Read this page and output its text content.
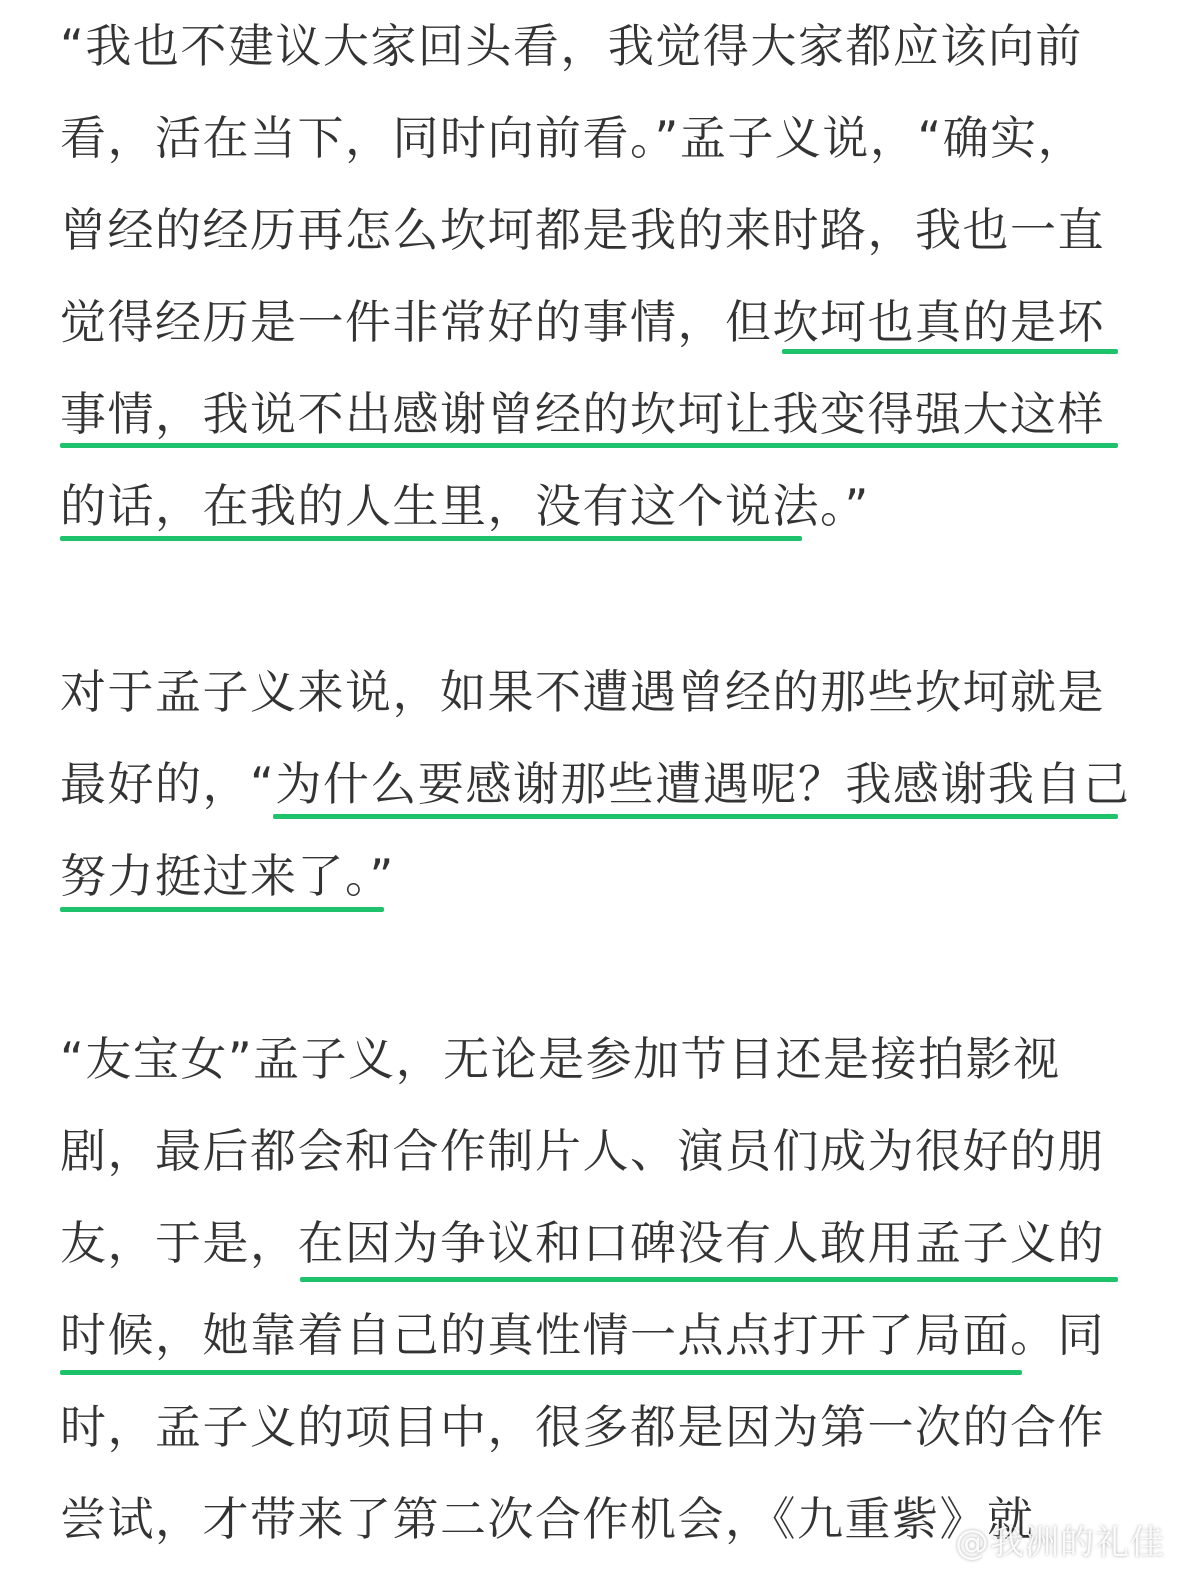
“我也不建议大家回头看，我觉得大家都应该向前
看，活在当下，同时向前看。”孟子义说，“确实，
曾经的经历再怎么坎坷都是我的来时路，我也一直
觉得经历是一件非常好的事情，但坎坷也真的是坏
事情，我说不出感谢曾经的坎坷让我变得强大这样
的话，在我的人生里，没有这个说法。”
对于孟子义来说，如果不遭遇曾经的那些坎坷就是
最好的，“为什么要感谢那些遭遇呢？我感谢我自己
努力挺过来了。”
“友宝女”孟子义，无论是参加节目还是接拍影视
剧，最后都会和合作制片人、演员们成为很好的朋
友，于是，在因为争议和口碑没有人敢用孟子义的
时候，她靠着自己的真性情一点点打开了局面。同
时，孟子义的项目中，很多都是因为第一次的合作
尝试，才带来了第二次合作机会，《九重紫》就
@我洲的礼佳
